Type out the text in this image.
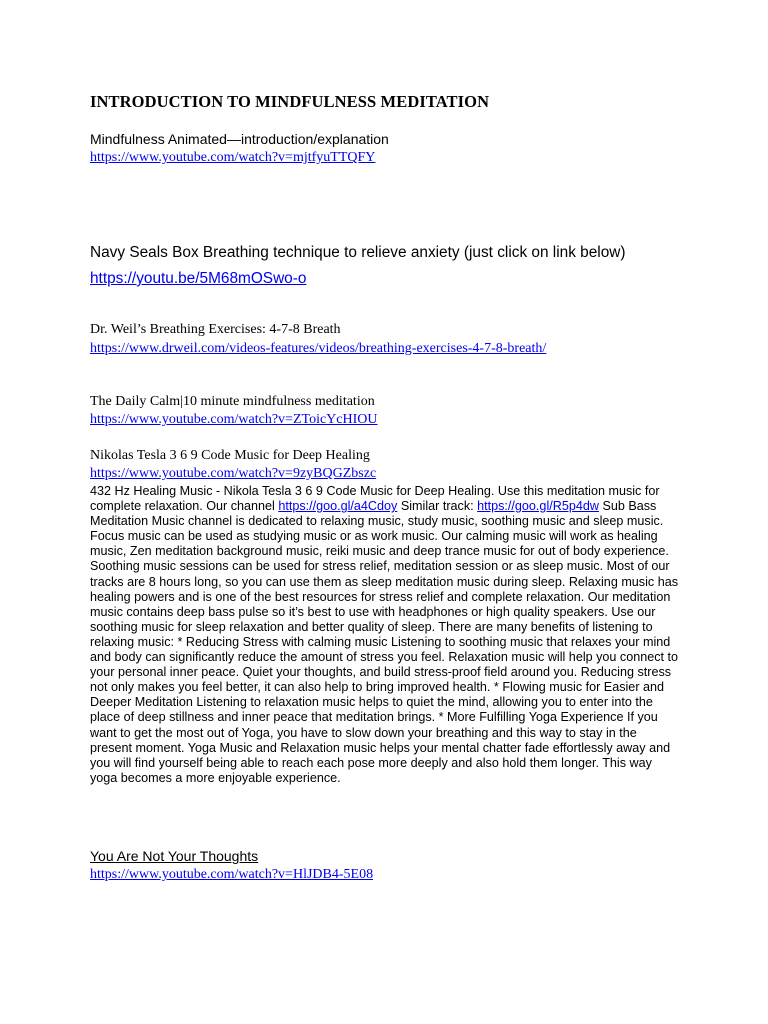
INTRODUCTION TO MINDFULNESS MEDITATION
Mindfulness Animated—introduction/explanation
https://www.youtube.com/watch?v=mjtfyuTTQFY
Navy Seals Box Breathing technique to relieve anxiety (just click on link below)
https://youtu.be/5M68mOSwo-o
Dr. Weil’s Breathing Exercises: 4-7-8 Breath
https://www.drweil.com/videos-features/videos/breathing-exercises-4-7-8-breath/
The Daily Calm|10 minute mindfulness meditation
https://www.youtube.com/watch?v=ZToicYcHIOU
Nikolas Tesla 3 6 9 Code Music for Deep Healing
https://www.youtube.com/watch?v=9zyBQGZbszc
432 Hz Healing Music - Nikola Tesla 3 6 9 Code Music for Deep Healing. Use this meditation music for complete relaxation. Our channel https://goo.gl/a4Cdoy Similar track: https://goo.gl/R5p4dw Sub Bass Meditation Music channel is dedicated to relaxing music, study music, soothing music and sleep music. Focus music can be used as studying music or as work music. Our calming music will work as healing music, Zen meditation background music, reiki music and deep trance music for out of body experience. Soothing music sessions can be used for stress relief, meditation session or as sleep music. Most of our tracks are 8 hours long, so you can use them as sleep meditation music during sleep. Relaxing music has healing powers and is one of the best resources for stress relief and complete relaxation. Our meditation music contains deep bass pulse so it’s best to use with headphones or high quality speakers. Use our soothing music for sleep relaxation and better quality of sleep. There are many benefits of listening to relaxing music: * Reducing Stress with calming music Listening to soothing music that relaxes your mind and body can significantly reduce the amount of stress you feel. Relaxation music will help you connect to your personal inner peace. Quiet your thoughts, and build stress-proof field around you. Reducing stress not only makes you feel better, it can also help to bring improved health. * Flowing music for Easier and Deeper Meditation Listening to relaxation music helps to quiet the mind, allowing you to enter into the place of deep stillness and inner peace that meditation brings. * More Fulfilling Yoga Experience If you want to get the most out of Yoga, you have to slow down your breathing and this way to stay in the present moment. Yoga Music and Relaxation music helps your mental chatter fade effortlessly away and you will find yourself being able to reach each pose more deeply and also hold them longer. This way yoga becomes a more enjoyable experience.
You Are Not Your Thoughts
https://www.youtube.com/watch?v=HlJDB4-5E08
